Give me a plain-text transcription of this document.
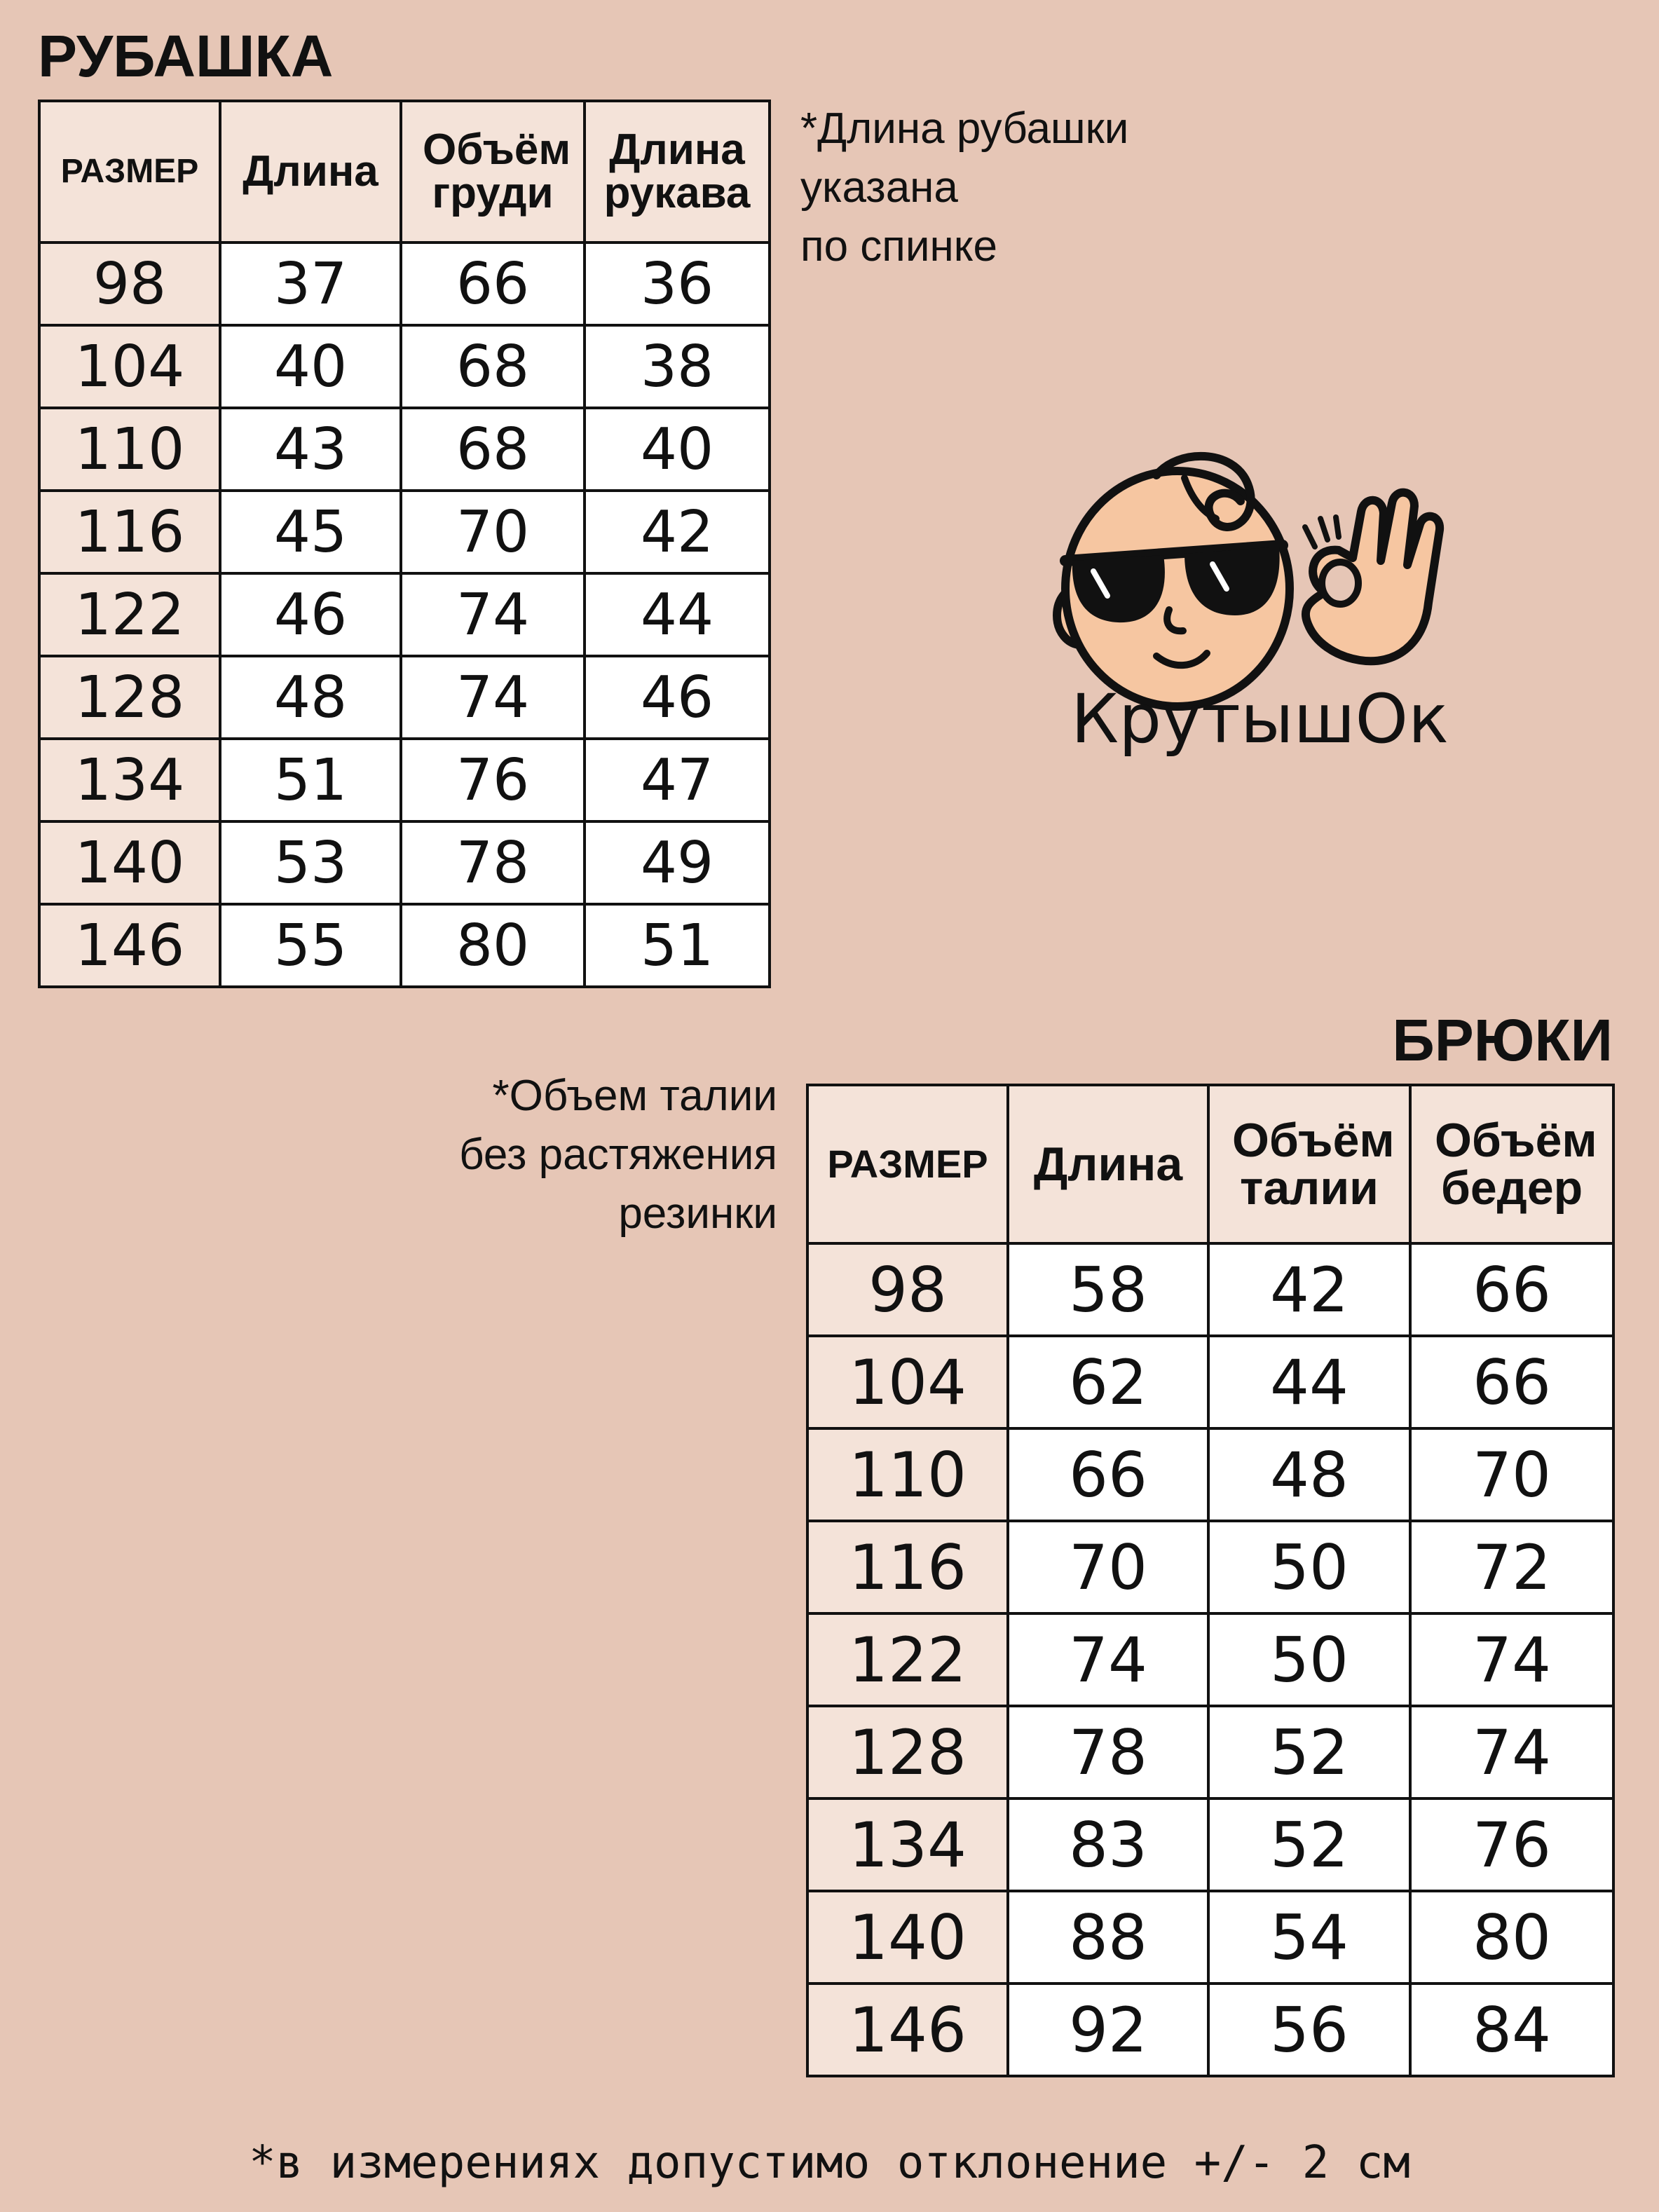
РУБАШКА
РАЗМЕР	Длина	Объём груди	Длина рукава

98	37	66	36
104	40	68	38
110	43	68	40
116	45	70	42
122	46	74	44
128	48	74	46
134	51	76	47
140	53	78	49
146	55	80	51
*Длина рубашки
указана
по спинке

КрутышОк

БРЮКИ
*Объем талии
без растяжения
резинки
РАЗМЕР	Длина	Объём талии	Объём бедер

98	58	42	66
104	62	44	66
110	66	48	70
116	70	50	72
122	74	50	74
128	78	52	74
134	83	52	76
140	88	54	80
146	92	56	84

*в измерениях допустимо отклонение +/- 2 см
